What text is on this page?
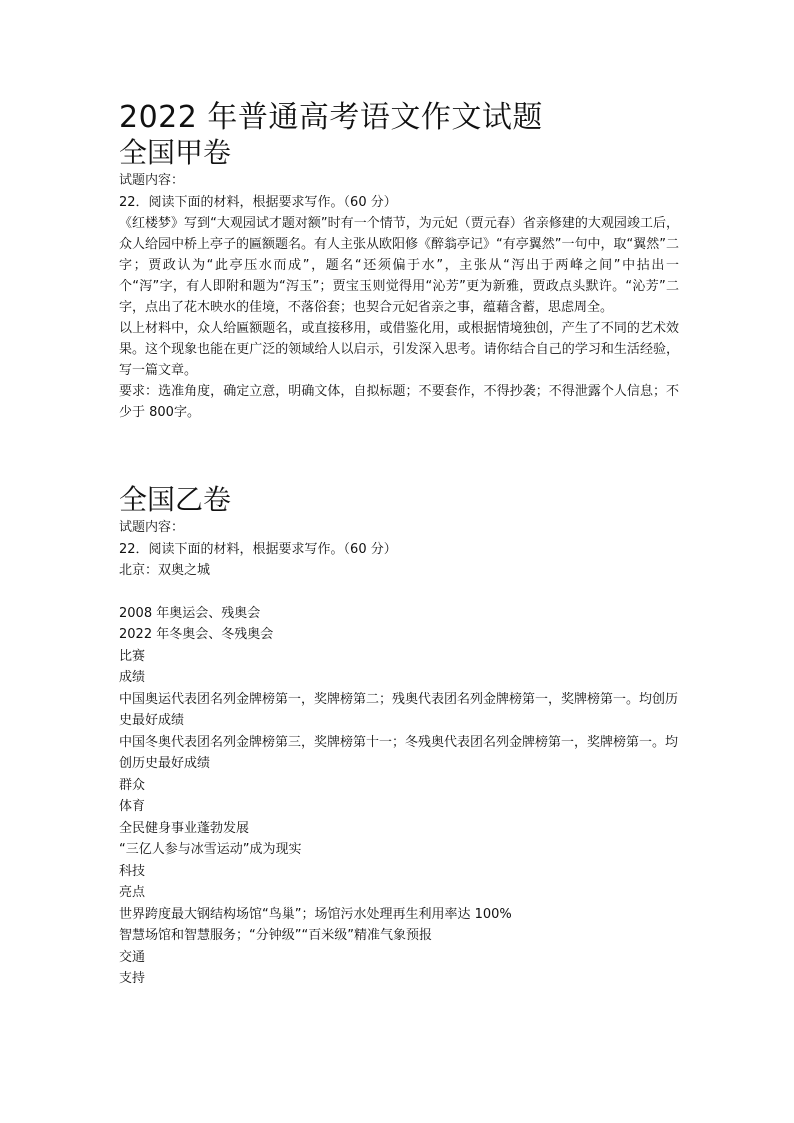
2022 年普通高考语文作文试题
全国甲卷

试题内容：

22．阅读下面的材料，根据要求写作。（60 分）

《红楼梦》写到“大观园试才题对额”时有一个情节，为元妃（贾元春）省亲修建的大观园竣工后，众人给园中桥上亭子的匾额题名。有人主张从欧阳修《醉翁亭记》“有亭翼然”一句中，取“翼然”二字；贾政认为“此亭压水而成”，题名“还须偏于水”，主张从“泻出于两峰之间”中拈出一个“泻”字，有人即附和题为“泻玉”；贾宝玉则觉得用“沁芳”更为新雅，贾政点头默许。“沁芳”二字，点出了花木映水的佳境，不落俗套；也契合元妃省亲之事，蕴藉含蓄，思虑周全。

以上材料中，众人给匾额题名，或直接移用，或借鉴化用，或根据情境独创，产生了不同的艺术效果。这个现象也能在更广泛的领域给人以启示，引发深入思考。请你结合自己的学习和生活经验，写一篇文章。

要求：选准角度，确定立意，明确文体，自拟标题；不要套作，不得抄袭；不得泄露个人信息；不少于 800字。

全国乙卷

试题内容：

22．阅读下面的材料，根据要求写作。（60 分）

北京：双奥之城

2008 年奥运会、残奥会

2022 年冬奥会、冬残奥会

比赛

成绩

中国奥运代表团名列金牌榜第一，奖牌榜第二；残奥代表团名列金牌榜第一，奖牌榜第一。均创历史最好成绩

中国冬奥代表团名列金牌榜第三，奖牌榜第十一；冬残奥代表团名列金牌榜第一，奖牌榜第一。均创历史最好成绩

群众

体育

全民健身事业蓬勃发展

“三亿人参与冰雪运动”成为现实

科技

亮点

世界跨度最大钢结构场馆“鸟巢”；场馆污水处理再生利用率达 100%

智慧场馆和智慧服务；“分钟级”“百米级”精准气象预报

交通

支持
